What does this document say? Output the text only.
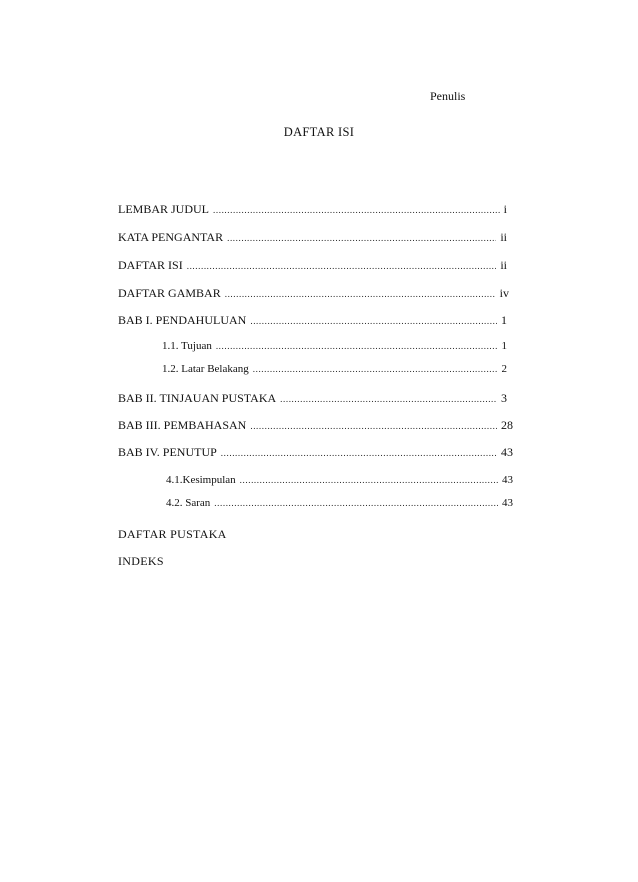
Penulis
DAFTAR ISI
LEMBAR JUDUL .....	i
KATA PENGANTAR .....	ii
DAFTAR ISI .....	ii
DAFTAR GAMBAR .....	iv
BAB I. PENDAHULUAN .....	1
1.1. Tujuan .....	1
1.2. Latar Belakang .....	2
BAB II. TINJAUAN PUSTAKA .....	3
BAB III. PEMBAHASAN .....	28
BAB IV. PENUTUP .....	43
4.1.Kesimpulan .....	43
4.2. Saran .....	43
DAFTAR PUSTAKA
INDEKS
